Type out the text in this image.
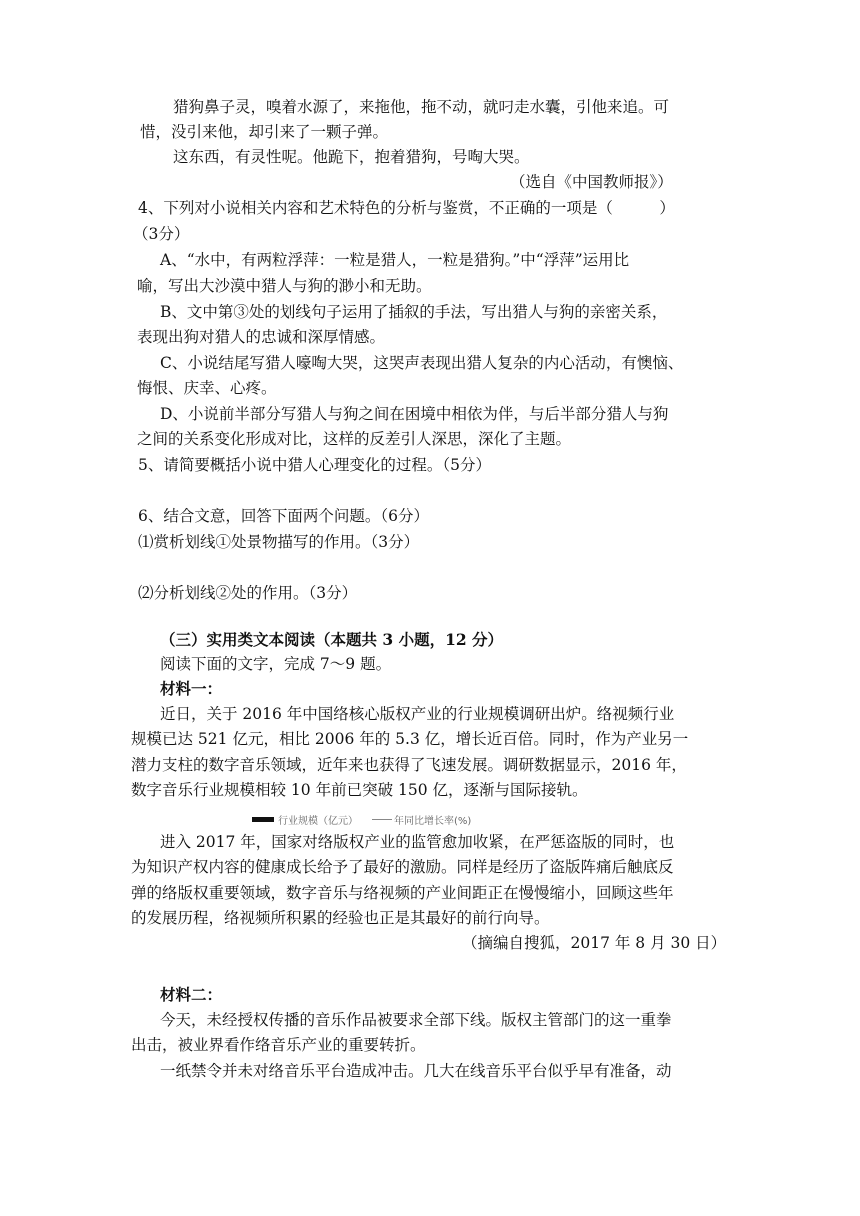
猎狗鼻子灵，嗅着水源了，来拖他，拖不动，就叼走水囊，引他来追。可
惜，没引来他，却引来了一颗子弹。
这东西，有灵性呢。他跪下，抱着猎狗，号啕大哭。
（选自《中国教师报》）
4、下列对小说相关内容和艺术特色的分析与鉴赏，不正确的一项是（　　　）
（3分）
A、“水中，有两粒浮萍：一粒是猎人，一粒是猎狗。”中“浮萍”运用比
喻，写出大沙漠中猎人与狗的渺小和无助。
B、文中第③处的划线句子运用了插叙的手法，写出猎人与狗的亲密关系，
表现出狗对猎人的忠诚和深厚情感。
C、小说结尾写猎人嚎啕大哭，这哭声表现出猎人复杂的内心活动，有懊恼、
悔恨、庆幸、心疼。
D、小说前半部分写猎人与狗之间在困境中相依为伴，与后半部分猎人与狗
之间的关系变化形成对比，这样的反差引人深思，深化了主题。
5、请简要概括小说中猎人心理变化的过程。（5分）
6、结合文意，回答下面两个问题。（6分）
⑴赏析划线①处景物描写的作用。（3分）
⑵分析划线②处的作用。（3分）
（三）实用类文本阅读（本题共 3 小题，12 分）
阅读下面的文字，完成 7～9 题。
材料一：
近日，关于 2016 年中国络核心版权产业的行业规模调研出炉。络视频行业
规模已达 521 亿元，相比 2006 年的 5.3 亿，增长近百倍。同时，作为产业另一
潜力支柱的数字音乐领域，近年来也获得了飞速发展。调研数据显示，2016 年，
数字音乐行业规模相较 10 年前已突破 150 亿，逐渐与国际接轨。
进入 2017 年，国家对络版权产业的监管愈加收紧，在严惩盗版的同时，也
为知识产权内容的健康成长给予了最好的激励。同样是经历了盗版阵痛后触底反
弹的络版权重要领域，数字音乐与络视频的产业间距正在慢慢缩小，回顾这些年
的发展历程，络视频所积累的经验也正是其最好的前行向导。
（摘编自搜狐，2017 年 8 月 30 日）
材料二：
今天，未经授权传播的音乐作品被要求全部下线。版权主管部门的这一重拳
出击，被业界看作络音乐产业的重要转折。
一纸禁令并未对络音乐平台造成冲击。几大在线音乐平台似乎早有准备，动
行业规模（亿元）	年同比增长率(%)
